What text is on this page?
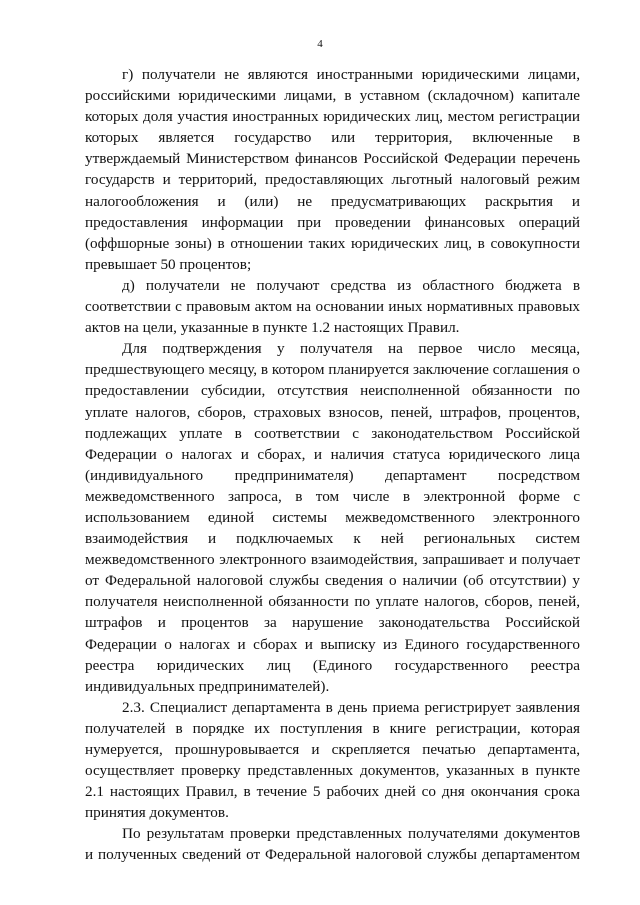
4

г) получатели не являются иностранными юридическими лицами, российскими юридическими лицами, в уставном (складочном) капитале которых доля участия иностранных юридических лиц, местом регистрации которых является государство или территория, включенные в утверждаемый Министерством финансов Российской Федерации перечень государств и территорий, предоставляющих льготный налоговый режим налогообложения и (или) не предусматривающих раскрытия и предоставления информации при проведении финансовых операций (оффшорные зоны) в отношении таких юридических лиц, в совокупности превышает 50 процентов;

д) получатели не получают средства из областного бюджета в соответствии с правовым актом на основании иных нормативных правовых актов на цели, указанные в пункте 1.2 настоящих Правил.

Для подтверждения у получателя на первое число месяца, предшествующего месяцу, в котором планируется заключение соглашения о предоставлении субсидии, отсутствия неисполненной обязанности по уплате налогов, сборов, страховых взносов, пеней, штрафов, процентов, подлежащих уплате в соответствии с законодательством Российской Федерации о налогах и сборах, и наличия статуса юридического лица (индивидуального предпринимателя) департамент посредством межведомственного запроса, в том числе в электронной форме с использованием единой системы межведомственного электронного взаимодействия и подключаемых к ней региональных систем межведомственного электронного взаимодействия, запрашивает и получает от Федеральной налоговой службы сведения о наличии (об отсутствии) у получателя неисполненной обязанности по уплате налогов, сборов, пеней, штрафов и процентов за нарушение законодательства Российской Федерации о налогах и сборах и выписку из Единого государственного реестра юридических лиц (Единого государственного реестра индивидуальных предпринимателей).

2.3. Специалист департамента в день приема регистрирует заявления получателей в порядке их поступления в книге регистрации, которая нумеруется, прошнуровывается и скрепляется печатью департамента, осуществляет проверку представленных документов, указанных в пункте 2.1 настоящих Правил, в течение 5 рабочих дней со дня окончания срока принятия документов.

По результатам проверки представленных получателями документов и полученных сведений от Федеральной налоговой службы департаментом
